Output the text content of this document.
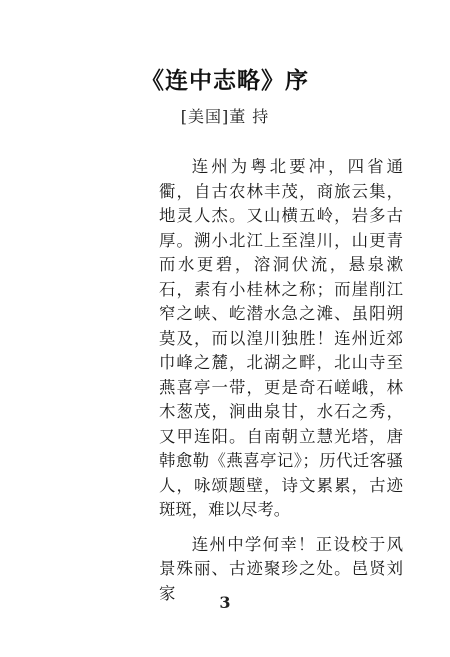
《连中志略》序
[美国]董 持

连州为粤北要冲，四省通衢，自古农林丰茂，商旅云集，地灵人杰。又山横五岭，岩多古厚。溯小北江上至湟川，山更青而水更碧，溶洞伏流，悬泉漱石，素有小桂林之称；而崖削江窄之峡、屹潜水急之滩、虽阳朔莫及，而以湟川独胜！连州近郊巾峰之麓，北湖之畔，北山寺至燕喜亭一带，更是奇石嵯峨，林木葱茂，涧曲泉甘，水石之秀，又甲连阳。自南朝立慧光塔，唐韩愈勒《燕喜亭记》；历代迁客骚人，咏颂题壁，诗文累累，古迹斑斑，难以尽考。

连州中学何幸！正设校于风景殊丽、古迹聚珍之处。邑贤刘家	3
